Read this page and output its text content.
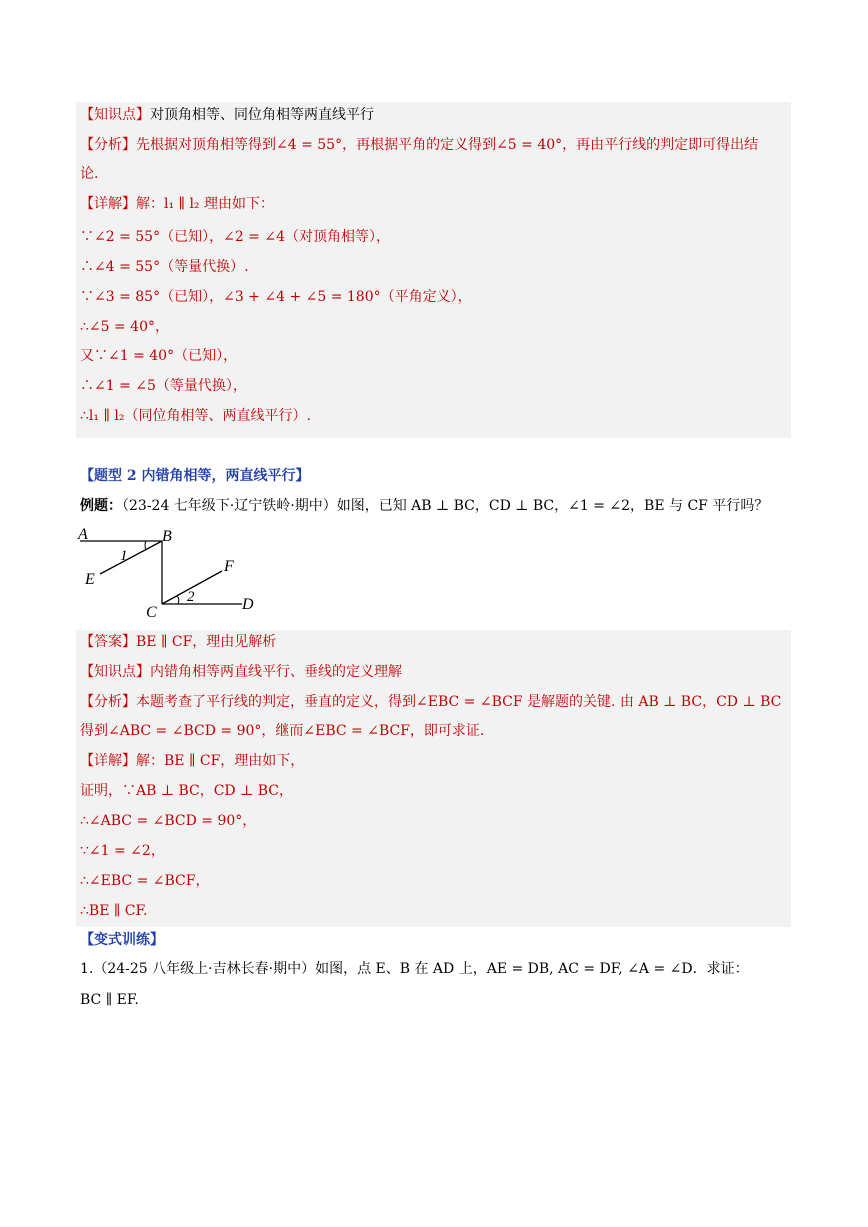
【知识点】对顶角相等、同位角相等两直线平行
【分析】先根据对顶角相等得到∠4 = 55°，再根据平角的定义得到∠5 = 40°，再由平行线的判定即可得出结
论.
【详解】解：l₁ ∥ l₂ 理由如下：
∵∠2 = 55°（已知），∠2 = ∠4（对顶角相等），
∴∠4 = 55°（等量代换）.
∵∠3 = 85°（已知），∠3 + ∠4 + ∠5 = 180°（平角定义），
∴∠5 = 40°，
又∵∠1 = 40°（已知），
∴∠1 = ∠5（等量代换），
∴l₁ ∥ l₂（同位角相等、两直线平行）.
【题型 2 内错角相等，两直线平行】
例题：（23-24 七年级下·辽宁铁岭·期中）如图，已知 AB ⊥ BC，CD ⊥ BC，∠1 = ∠2，BE 与 CF 平行吗？
A	B
1
E
F
2
C	D
【答案】BE ∥ CF，理由见解析
【知识点】内错角相等两直线平行、垂线的定义理解
【分析】本题考查了平行线的判定，垂直的定义，得到∠EBC = ∠BCF 是解题的关键. 由 AB ⊥ BC，CD ⊥ BC
得到∠ABC = ∠BCD = 90°，继而∠EBC = ∠BCF，即可求证.
【详解】解：BE ∥ CF，理由如下，
证明，∵AB ⊥ BC，CD ⊥ BC，
∴∠ABC = ∠BCD = 90°，
∵∠1 = ∠2，
∴∠EBC = ∠BCF，
∴BE ∥ CF.
【变式训练】
1.（24-25 八年级上·吉林长春·期中）如图，点 E、B 在 AD 上，AE = DB, AC = DF, ∠A = ∠D．求证：
BC ∥ EF.
